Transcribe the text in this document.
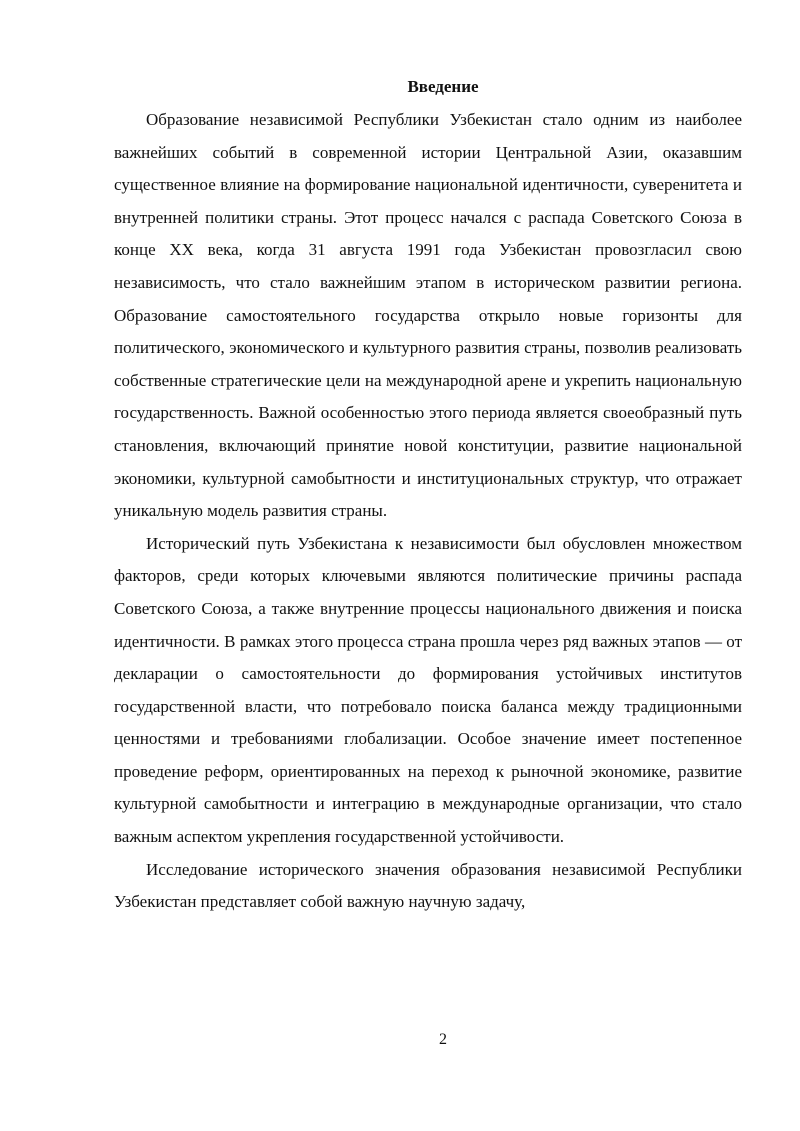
Введение

Образование независимой Республики Узбекистан стало одним из наиболее важнейших событий в современной истории Центральной Азии, оказавшим существенное влияние на формирование национальной идентичности, суверенитета и внутренней политики страны. Этот процесс начался с распада Советского Союза в конце XX века, когда 31 августа 1991 года Узбекистан провозгласил свою независимость, что стало важнейшим этапом в историческом развитии региона. Образование самостоятельного государства открыло новые горизонты для политического, экономического и культурного развития страны, позволив реализовать собственные стратегические цели на международной арене и укрепить национальную государственность. Важной особенностью этого периода является своеобразный путь становления, включающий принятие новой конституции, развитие национальной экономики, культурной самобытности и институциональных структур, что отражает уникальную модель развития страны.

Исторический путь Узбекистана к независимости был обусловлен множеством факторов, среди которых ключевыми являются политические причины распада Советского Союза, а также внутренние процессы национального движения и поиска идентичности. В рамках этого процесса страна прошла через ряд важных этапов — от декларации о самостоятельности до формирования устойчивых институтов государственной власти, что потребовало поиска баланса между традиционными ценностями и требованиями глобализации. Особое значение имеет постепенное проведение реформ, ориентированных на переход к рыночной экономике, развитие культурной самобытности и интеграцию в международные организации, что стало важным аспектом укрепления государственной устойчивости.

Исследование исторического значения образования независимой Республики Узбекистан представляет собой важную научную задачу,

2
